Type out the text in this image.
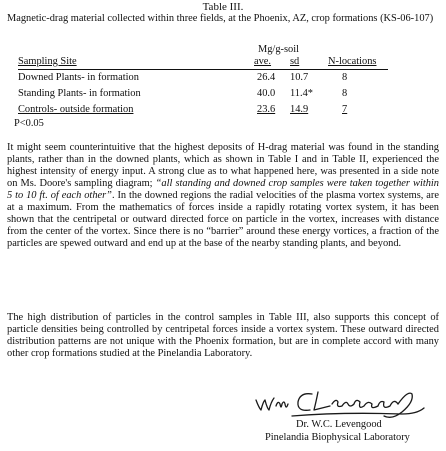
Table III.
Magnetic-drag material collected within three fields, at the Phoenix, AZ, crop formations (KS-06-107)
Mg/g-soil
Sampling Site	ave. sd	N-locations
Downed Plants- in formation	26.4 10.7	8
Standing Plants- in formation	40.0 11.4*	8
Controls- outside formation	23.6 14.9	7
P<0.05
It might seem counterintuitive that the highest deposits of H-drag material was found in the standing plants, rather than in the downed plants, which as shown in Table I and in Table II, experienced the highest intensity of energy input. A strong clue as to what happened here, was presented in a side note on Ms. Doore's sampling diagram; “all standing and downed crop samples were taken together within 5 to 10 ft. of each other”. In the downed regions the radial velocities of the plasma vortex systems, are at a maximum. From the mathematics of forces inside a rapidly rotating vortex system, it has been shown that the centripetal or outward directed force on particle in the vortex, increases with distance from the center of the vortex. Since there is no “barrier” around these energy vortices, a fraction of the particles are spewed outward and end up at the base of the nearby standing plants, and beyond.
The high distribution of particles in the control samples in Table III, also supports this concept of particle densities being controlled by centripetal forces inside a vortex system. These outward directed distribution patterns are not unique with the Phoenix formation, but are in complete accord with many other crop formations studied at the Pinelandia Laboratory.
Dr. W.C. Levengood
Pinelandia Biophysical Laboratory
